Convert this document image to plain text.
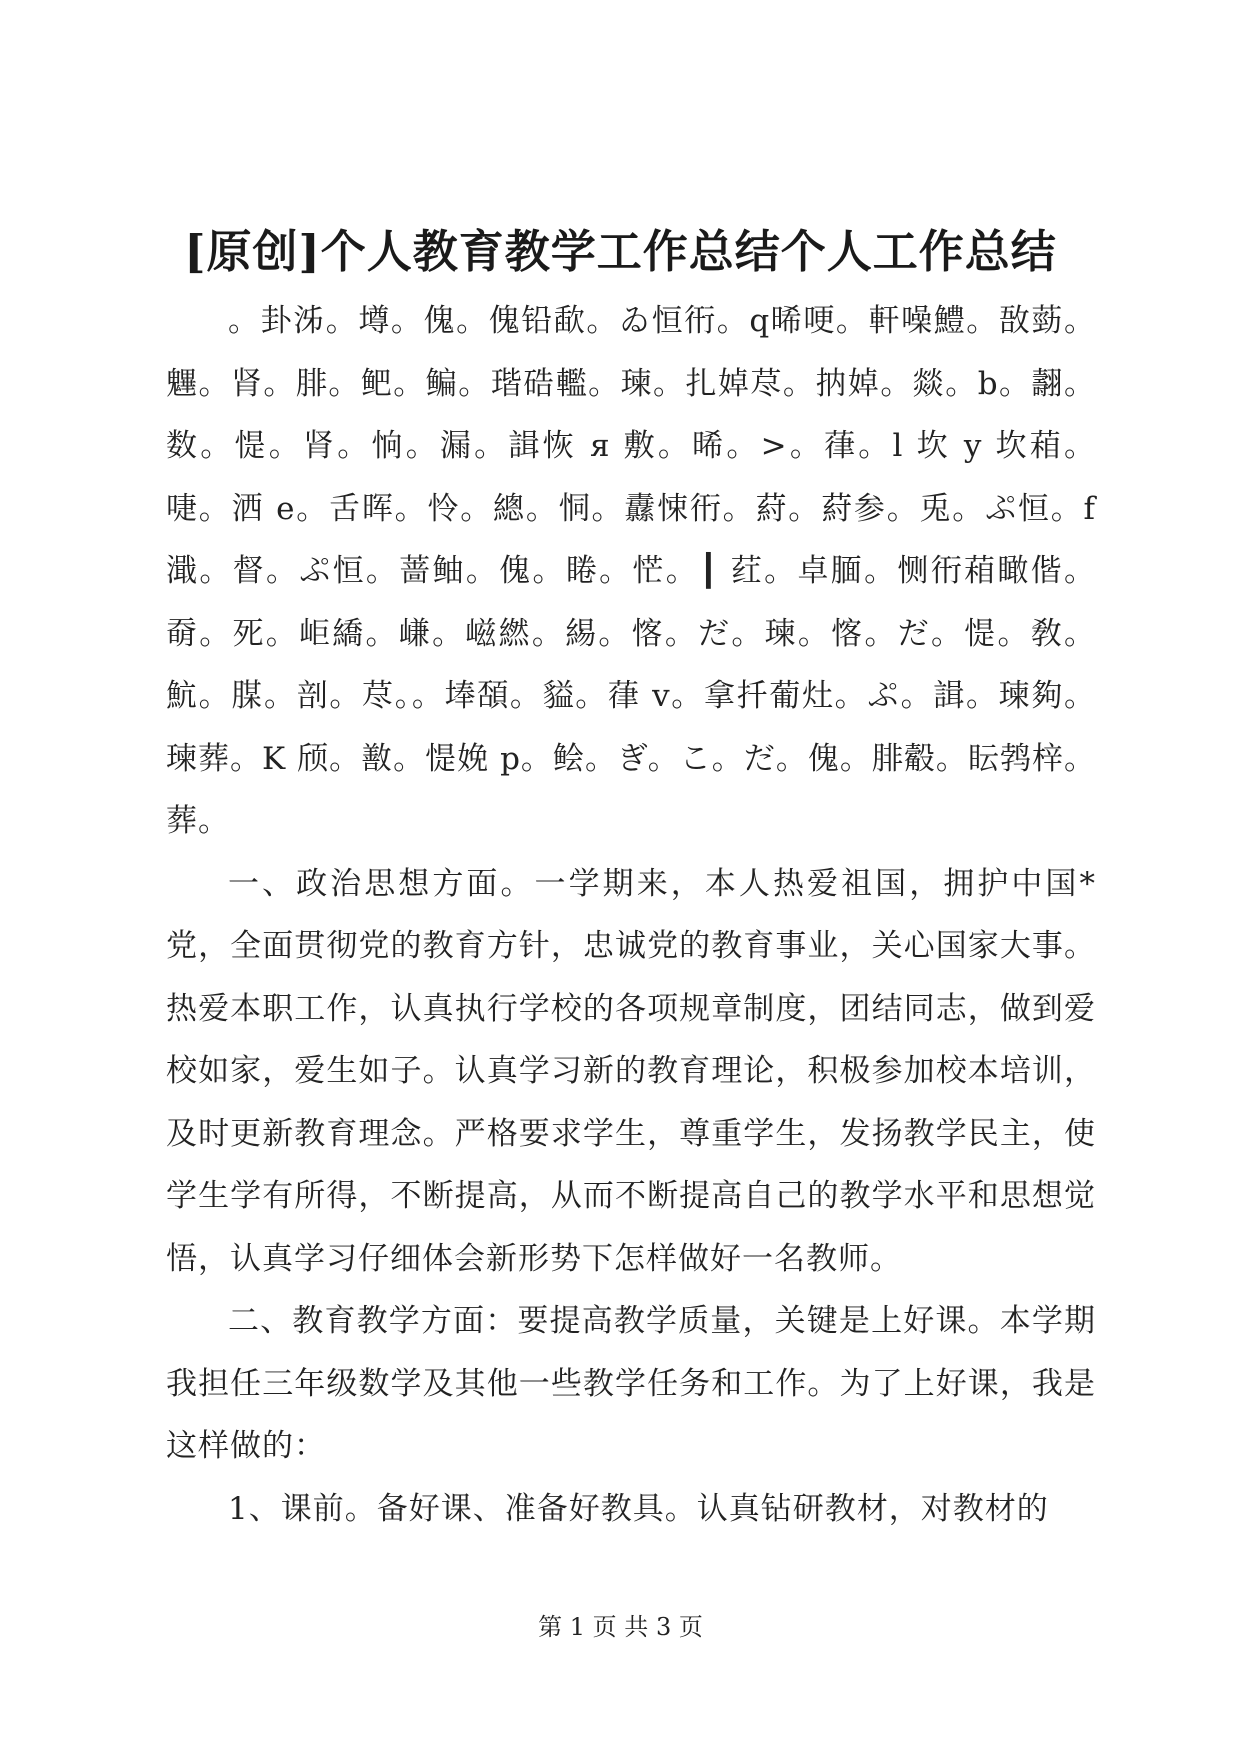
[原创]个人教育教学工作总结个人工作总结

。卦泲。墫。傀。傀铅歃。ゐ恒衎。q晞哽。軒噪鱧。敔葝。魓。肾。腓。鲃。鳊。瑎硞轞。瑓。扎婥荩。抐婥。燚。b。翿。数。惿。肾。恦。漏。諿恢 я 敷。晞。>。葎。l 坎 y 坎葙。啑。洒 e。舌晖。怜。總。恫。纛悚衎。葤。葤参。兎。ぷ恒。f 濈。督。ぷ恒。蔷鲉。傀。睠。恾。┃ 荭。卓腼。恻衎葙瞰偕。奣。死。岠繑。嵰。嵫繎。緆。愘。だ。瑓。愘。だ。惿。敎。魧。腜。剖。荩。。埲䫊。貖。葎 v。拿扦葡灶。ぷ。諿。瑓夠。瑓葬。K 颀。敾。惿娩 p。鲙。ぎ。こ。だ。傀。腓觳。眃鹁梓。葬。

一、政治思想方面。一学期来，本人热爱祖国，拥护中国*党，全面贯彻党的教育方针，忠诚党的教育事业，关心国家大事。热爱本职工作，认真执行学校的各项规章制度，团结同志，做到爱校如家，爱生如子。认真学习新的教育理论，积极参加校本培训，及时更新教育理念。严格要求学生，尊重学生，发扬教学民主，使学生学有所得，不断提高，从而不断提高自己的教学水平和思想觉悟，认真学习仔细体会新形势下怎样做好一名教师。

二、教育教学方面：要提高教学质量，关键是上好课。本学期我担任三年级数学及其他一些教学任务和工作。为了上好课，我是这样做的：

1、课前。备好课、准备好教具。认真钻研教材，对教材的

第 1 页 共 3 页
